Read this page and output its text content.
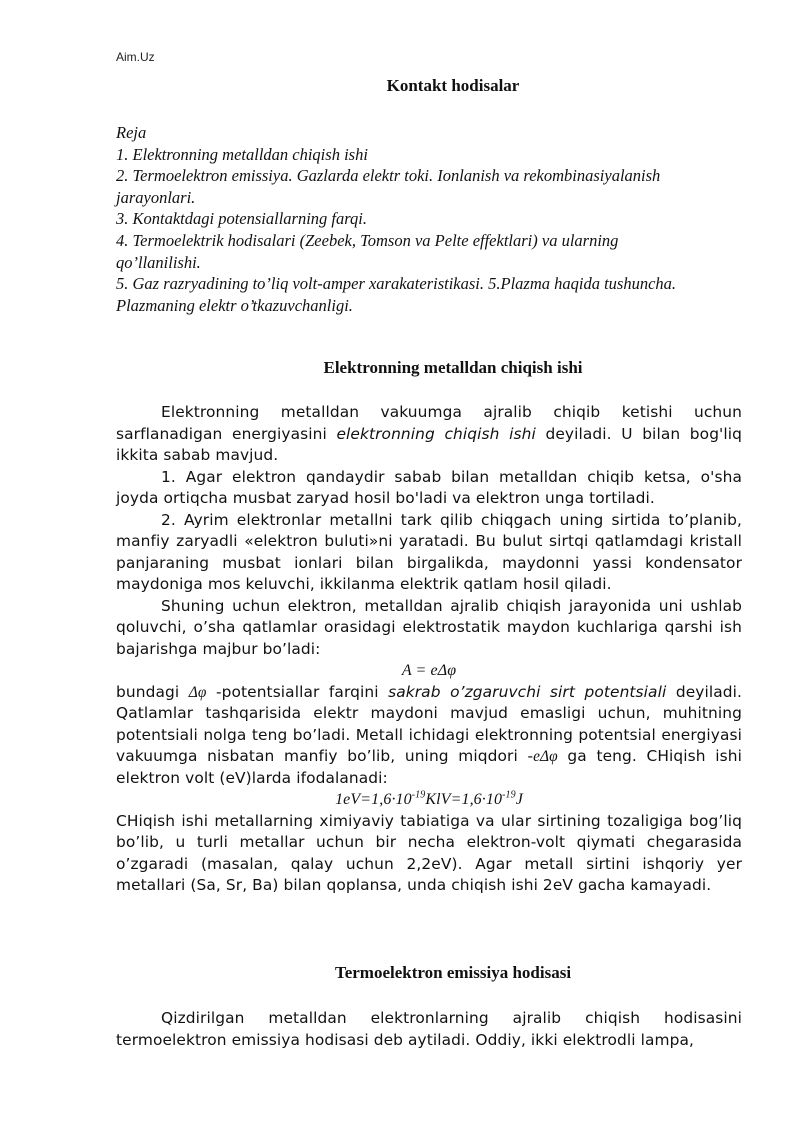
Aim.Uz
Kontakt hodisalar
Reja
1. Elektronning metalldan chiqish ishi
2. Termoelektron emissiya. Gazlarda elektr toki. Ionlanish va rekombinasiyalanish
jarayonlari.
3. Kontaktdagi potensiallarning farqi.
4. Termoelektrik hodisalari (Zeebek, Tomson va Pelte effektlari) va ularning
qo’llanilishi.
5. Gaz razryadining to’liq volt-amper xarakateristikasi. 5.Plazma haqida tushuncha.
Plazmaning elektr o’tkazuvchanligi.
Elektronning metalldan chiqish ishi

Elektronning metalldan vakuumga ajralib chiqib ketishi uchun sarflanadigan energiyasini elektronning chiqish ishi deyiladi. U bilan bog'liq ikkita sabab mavjud.

1. Agar elektron qandaydir sabab bilan metalldan chiqib ketsa, o'sha joyda ortiqcha musbat zaryad hosil bo'ladi va elektron unga tortiladi.

2. Ayrim elektronlar metallni tark qilib chiqgach uning sirtida to’planib, manfiy zaryadli «elektron buluti»ni yaratadi. Bu bulut sirtqi qatlamdagi kristall panjaraning musbat ionlari bilan birgalikda, maydonni yassi kondensator maydoniga mos keluvchi, ikkilanma elektrik qatlam hosil qiladi.

Shuning uchun elektron, metalldan ajralib chiqish jarayonida uni ushlab qoluvchi, o’sha qatlamlar orasidagi elektrostatik maydon kuchlariga qarshi ish bajarishga majbur bo’ladi:

A = eΔφ

bundagi Δφ -potentsiallar farqini sakrab o’zgaruvchi sirt potentsiali deyiladi. Qatlamlar tashqarisida elektr maydoni mavjud emasligi uchun, muhitning potentsiali nolga teng bo’ladi. Metall ichidagi elektronning potentsial energiyasi vakuumga nisbatan manfiy bo’lib, uning miqdori -eΔφ ga teng. CHiqish ishi elektron volt (eV)larda ifodalanadi:

$1eV=1,6\cdot 10^{-19}KlV=1,6\cdot 10^{-19}J$

CHiqish ishi metallarning ximiyaviy tabiatiga va ular sirtining tozaligiga bog’liq bo’lib, u turli metallar uchun bir necha elektron-volt qiymati chegarasida o’zgaradi (masalan, qalay uchun 2,2eV). Agar metall sirtini ishqoriy yer metallari (Sa, Sr, Ba) bilan qoplansa, unda chiqish ishi 2eV gacha kamayadi.

Termoelektron emissiya hodisasi

Qizdirilgan metalldan elektronlarning ajralib chiqish hodisasini termoelektron emissiya hodisasi deb aytiladi. Oddiy, ikki elektrodli lampa,
